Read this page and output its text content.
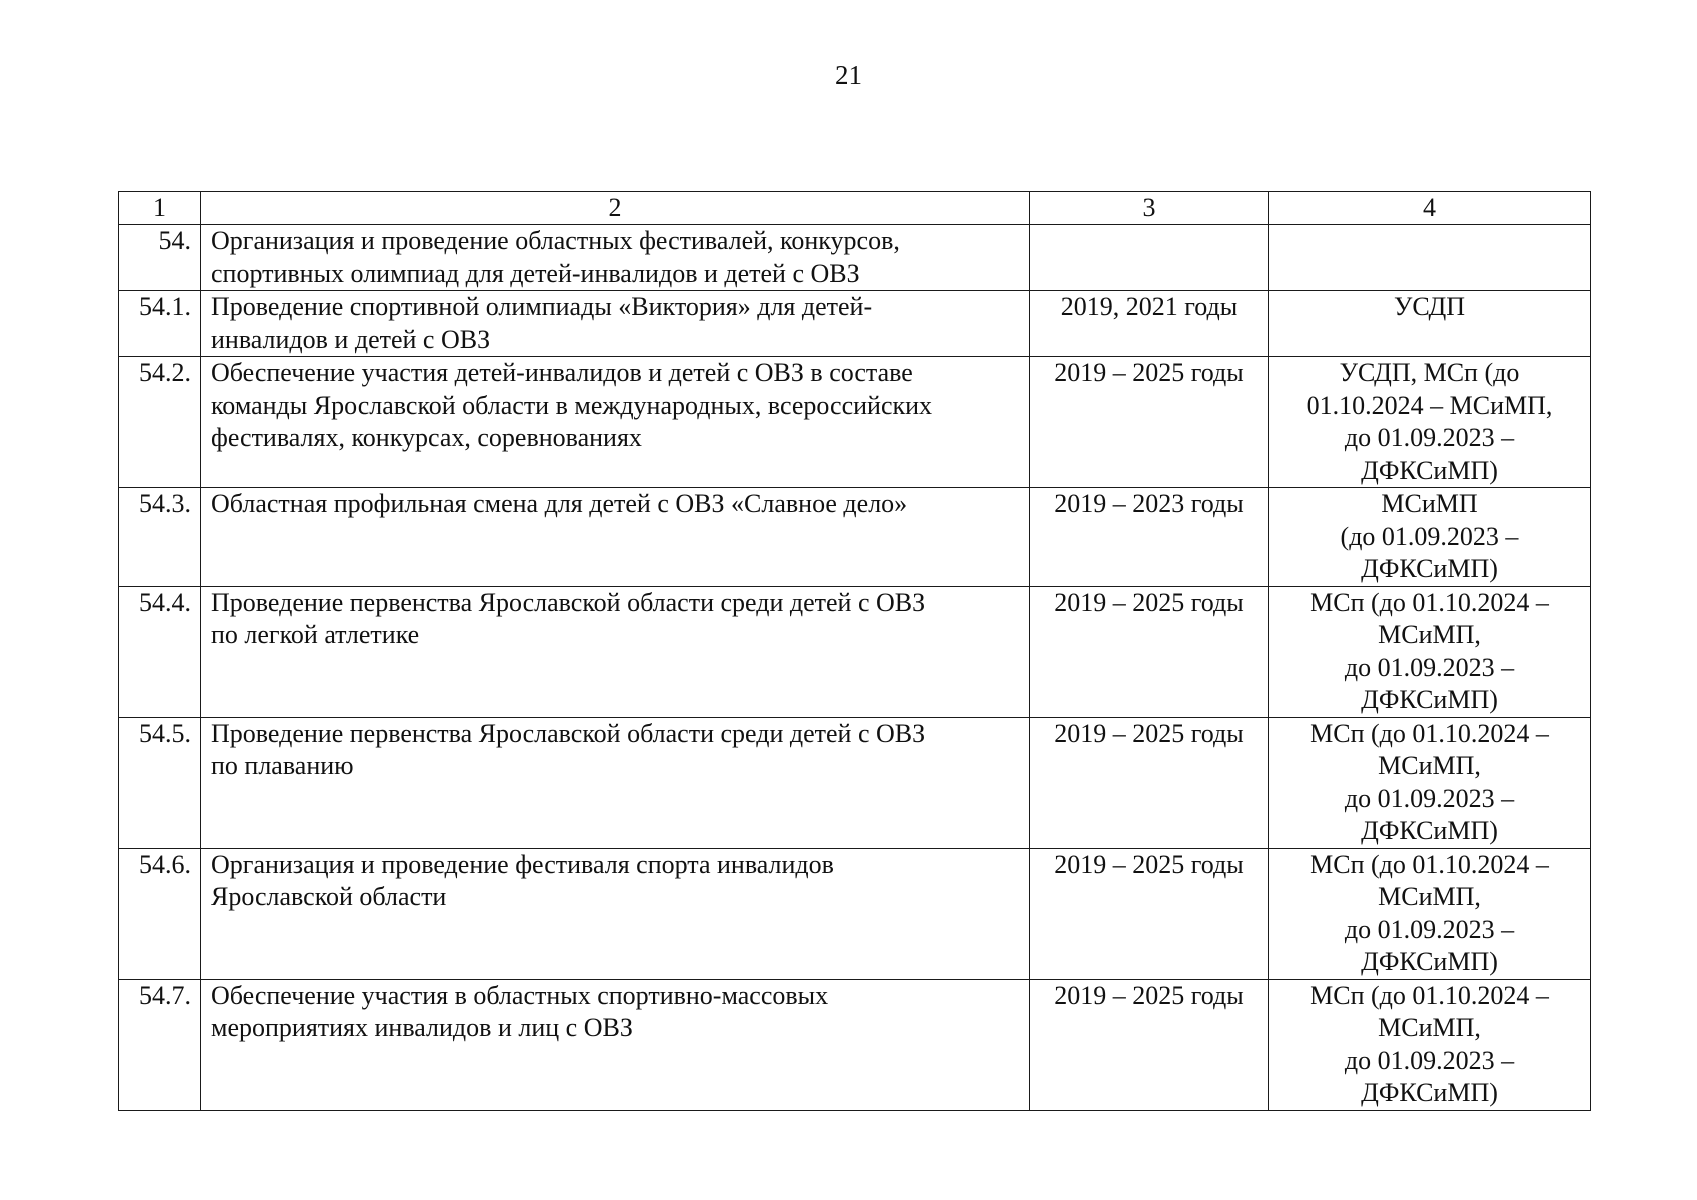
21
1	2	3	4
54.	Организация и проведение областных фестивалей, конкурсов,
спортивных олимпиад для детей-инвалидов и детей с ОВЗ		

54.1.	Проведение спортивной олимпиады «Виктория» для детей-
инвалидов и детей с ОВЗ	2019, 2021 годы	УСДП

54.2.	Обеспечение участия детей-инвалидов и детей с ОВЗ в составе
команды Ярославской области в международных, всероссийских
фестивалях, конкурсах, соревнованиях	2019 – 2025 годы	УСДП, МСп (до
01.10.2024 – МСиМП,
до 01.09.2023 –
ДФКСиМП)

54.3.	Областная профильная смена для детей с ОВЗ «Славное дело»	2019 – 2023 годы	МСиМП
(до 01.09.2023 –
ДФКСиМП)

54.4.	Проведение первенства Ярославской области среди детей с ОВЗ
по легкой атлетике	2019 – 2025 годы	МСп (до 01.10.2024 –
МСиМП,
до 01.09.2023 –
ДФКСиМП)

54.5.	Проведение первенства Ярославской области среди детей с ОВЗ
по плаванию	2019 – 2025 годы	МСп (до 01.10.2024 –
МСиМП,
до 01.09.2023 –
ДФКСиМП)

54.6.	Организация и проведение фестиваля спорта инвалидов
Ярославской области	2019 – 2025 годы	МСп (до 01.10.2024 –
МСиМП,
до 01.09.2023 –
ДФКСиМП)

54.7.	Обеспечение участия в областных спортивно-массовых
мероприятиях инвалидов и лиц с ОВЗ	2019 – 2025 годы	МСп (до 01.10.2024 –
МСиМП,
до 01.09.2023 –
ДФКСиМП)
